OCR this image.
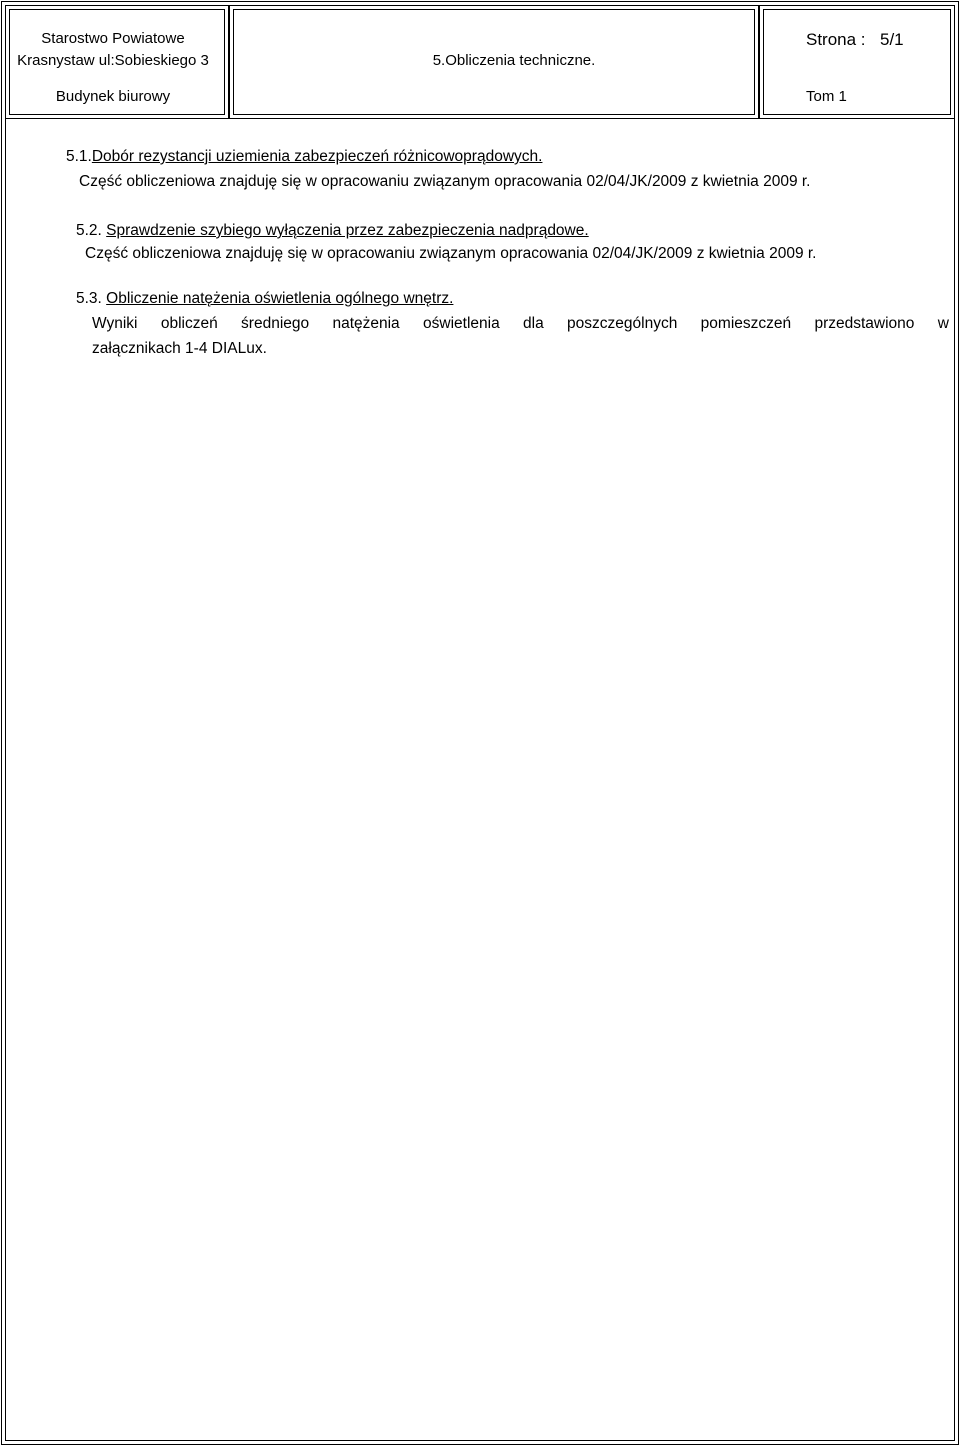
Starostwo Powiatowe
Krasnystaw ul:Sobieskiego 3
Budynek biurowy
5.Obliczenia techniczne.
Strona : 5/1
Tom 1
5.1.Dobór rezystancji uziemienia zabezpieczeń różnicowoprądowych.
Część obliczeniowa znajduję się w opracowaniu związanym opracowania 02/04/JK/2009 z kwietnia 2009 r.
5.2. Sprawdzenie szybiego wyłączenia przez zabezpieczenia nadprądowe.
Część obliczeniowa znajduję się w opracowaniu związanym opracowania 02/04/JK/2009 z kwietnia 2009 r.
5.3. Obliczenie natężenia oświetlenia ogólnego wnętrz.
Wyniki obliczeń średniego natężenia oświetlenia dla poszczególnych pomieszczeń przedstawiono w
załącznikach 1-4 DIALux.
